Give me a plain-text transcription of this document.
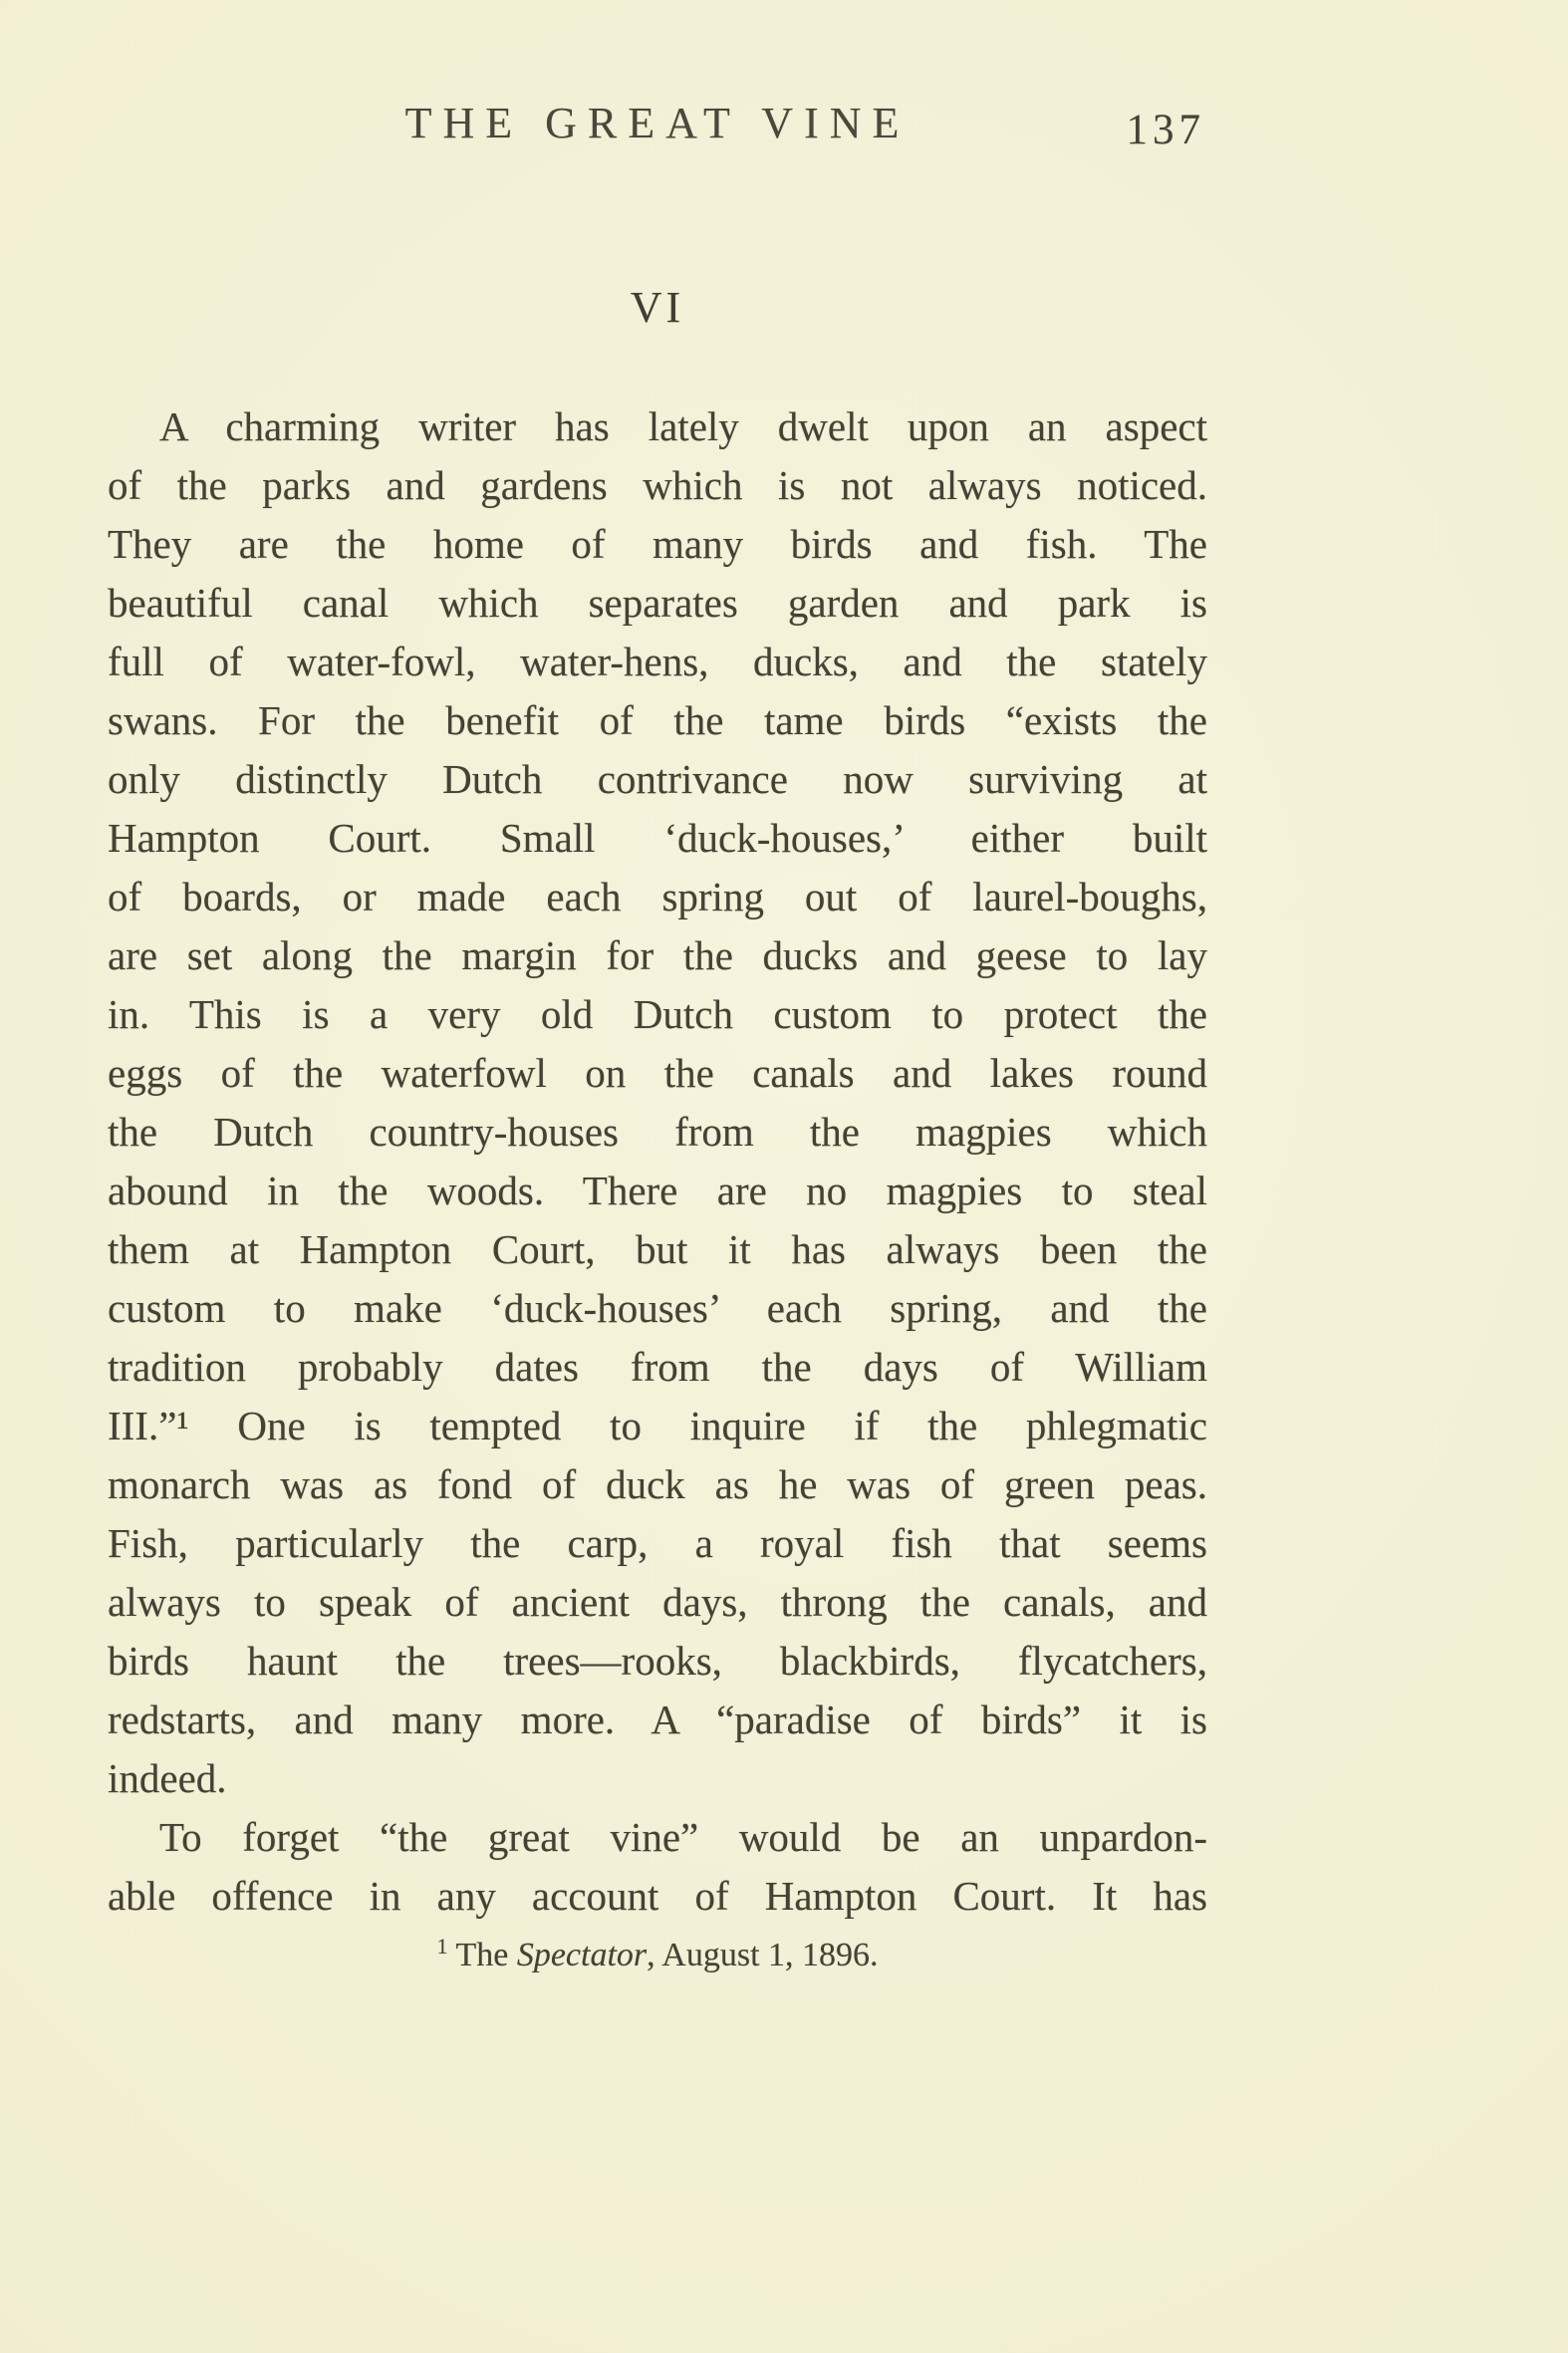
THE GREAT VINE	137
VI
A charming writer has lately dwelt upon an aspect
of the parks and gardens which is not always noticed.
They are the home of many birds and fish. The
beautiful canal which separates garden and park is
full of water-fowl, water-hens, ducks, and the stately
swans. For the benefit of the tame birds “exists the
only distinctly Dutch contrivance now surviving at
Hampton Court. Small ‘duck-houses,’ either built
of boards, or made each spring out of laurel-boughs,
are set along the margin for the ducks and geese to lay
in. This is a very old Dutch custom to protect the
eggs of the waterfowl on the canals and lakes round
the Dutch country-houses from the magpies which
abound in the woods. There are no magpies to steal
them at Hampton Court, but it has always been the
custom to make ‘duck-houses’ each spring, and the
tradition probably dates from the days of William
III.”¹ One is tempted to inquire if the phlegmatic
monarch was as fond of duck as he was of green peas.
Fish, particularly the carp, a royal fish that seems
always to speak of ancient days, throng the canals, and
birds haunt the trees—rooks, blackbirds, flycatchers,
redstarts, and many more. A “paradise of birds” it is
indeed.
To forget “the great vine” would be an unpardon-
able offence in any account of Hampton Court. It has
$^1$ The Spectator, August 1, 1896.
